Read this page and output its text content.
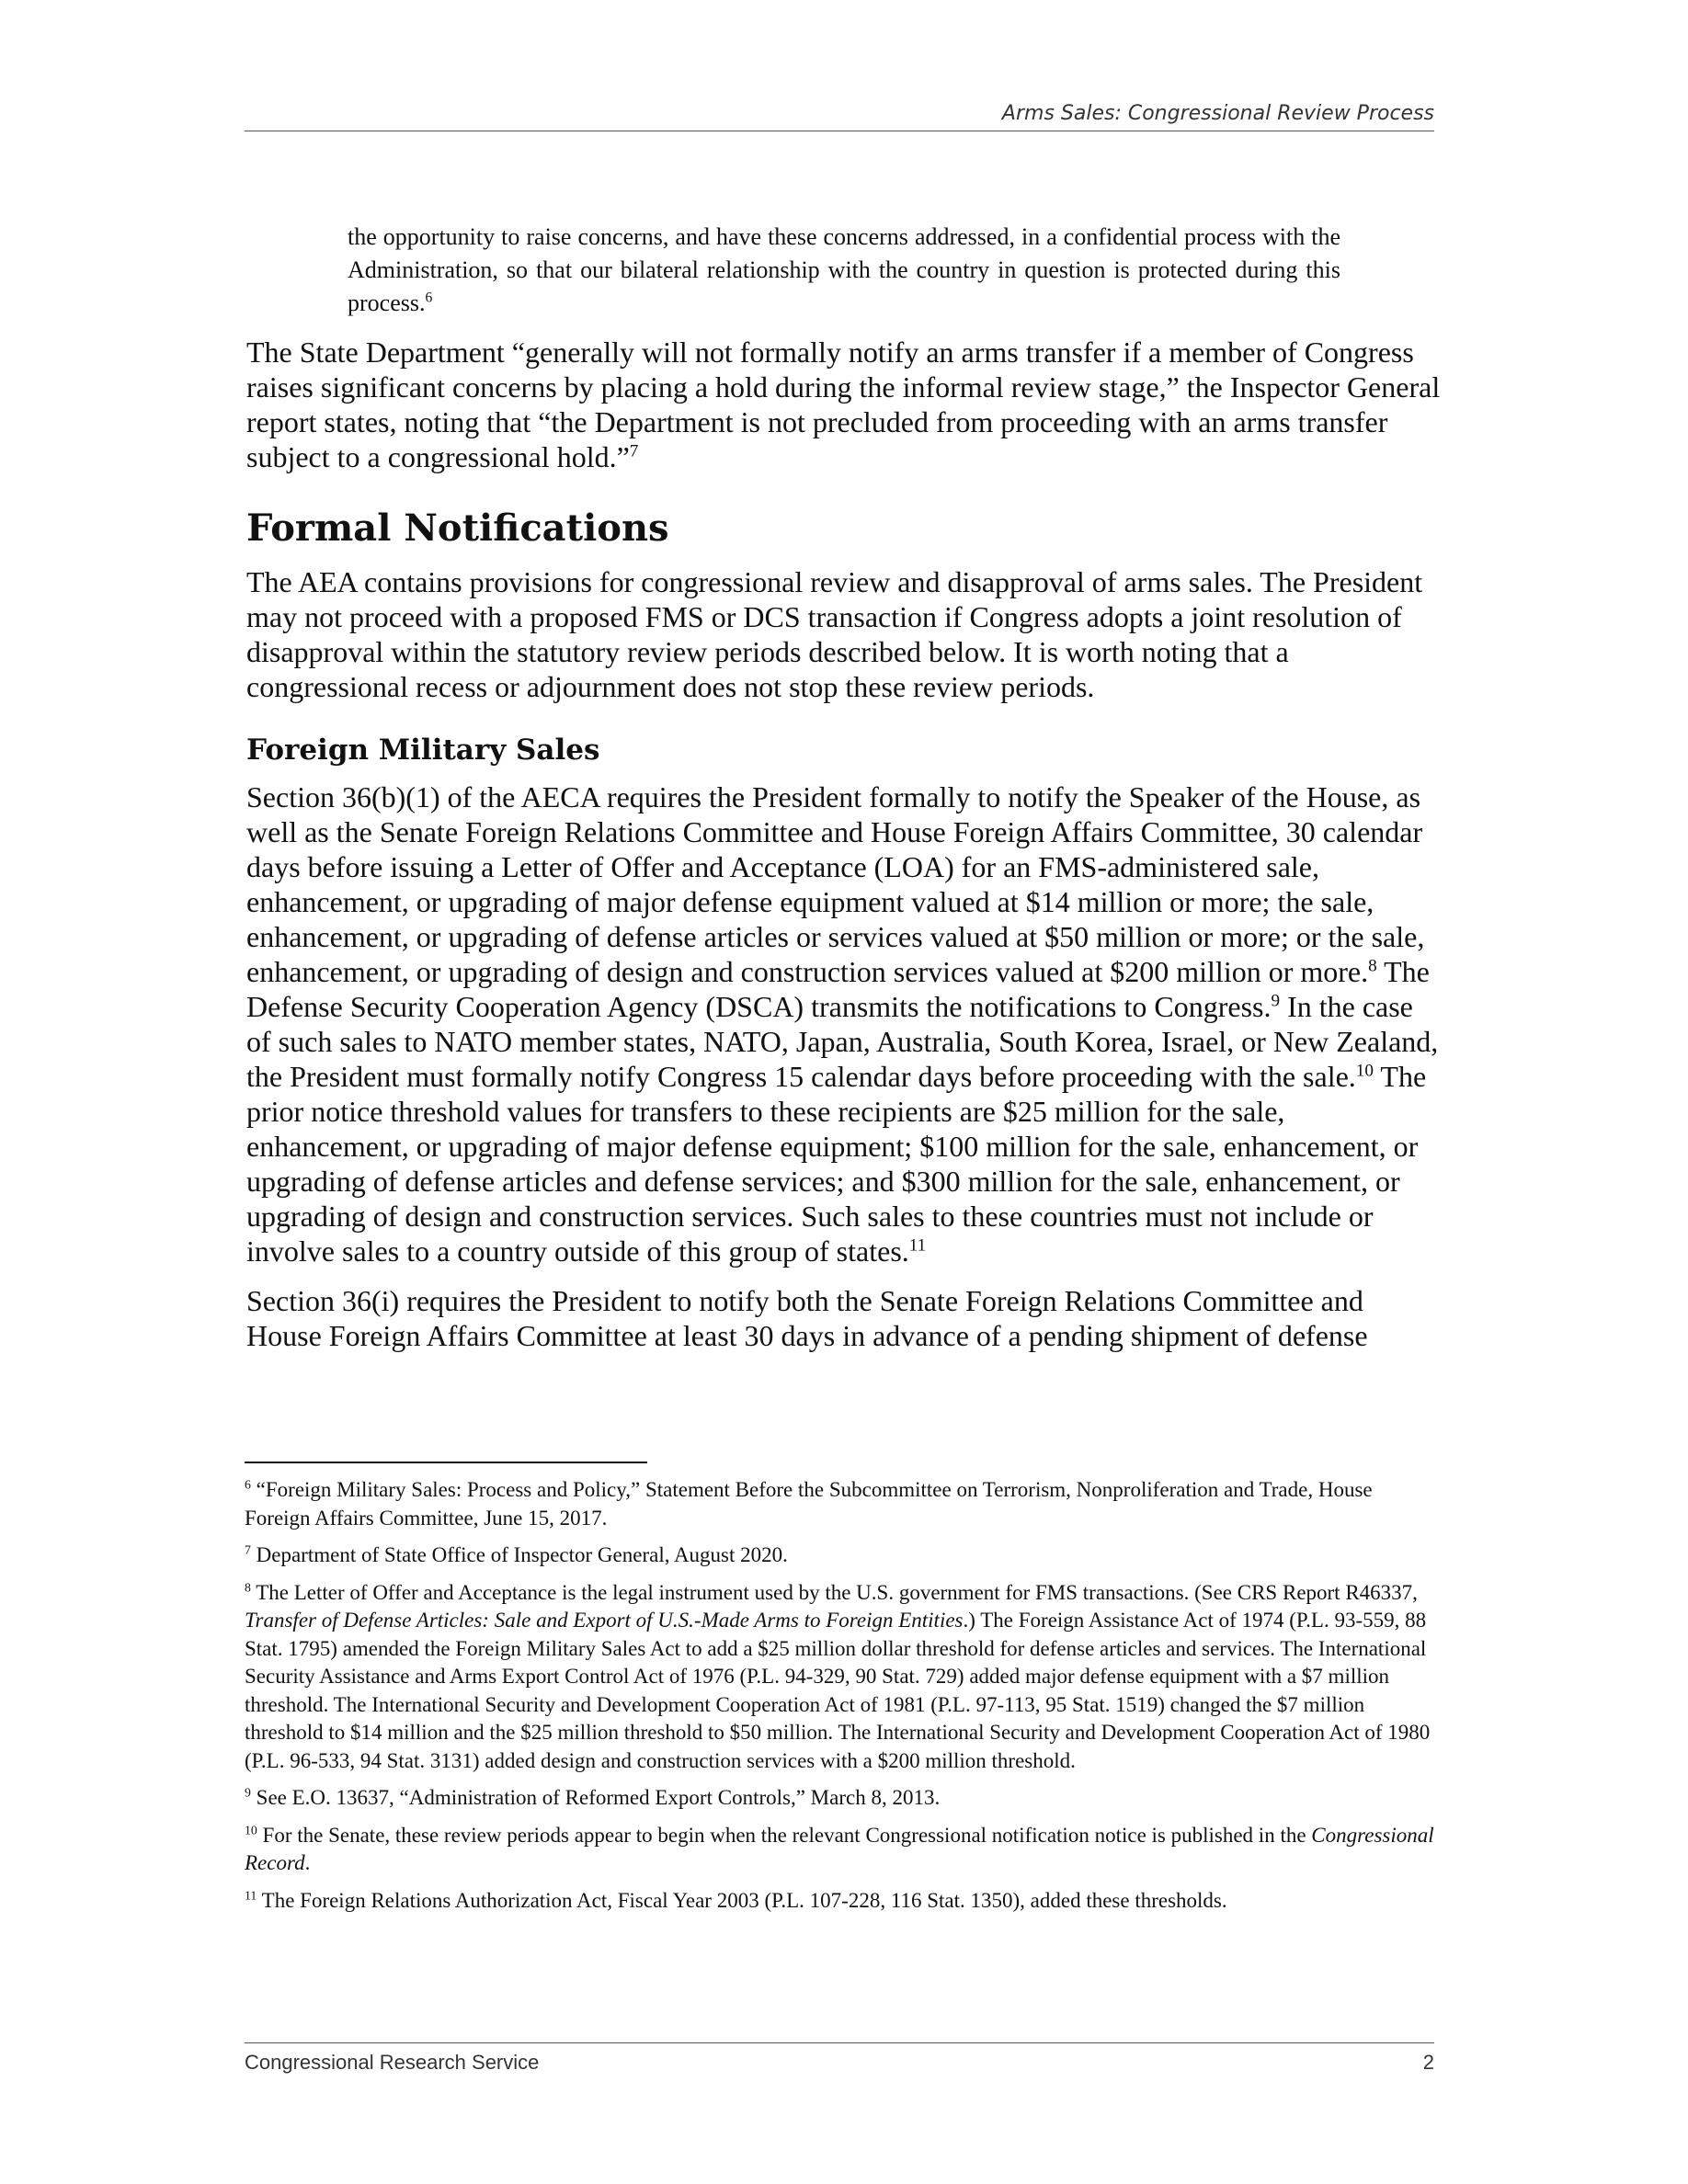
Arms Sales: Congressional Review Process

the opportunity to raise concerns, and have these concerns addressed, in a confidential process with the Administration, so that our bilateral relationship with the country in question is protected during this process.$^6$

The State Department “generally will not formally notify an arms transfer if a member of Congress raises significant concerns by placing a hold during the informal review stage,” the Inspector General report states, noting that “the Department is not precluded from proceeding with an arms transfer subject to a congressional hold.”$^7$

Formal Notifications

The AEA contains provisions for congressional review and disapproval of arms sales. The President may not proceed with a proposed FMS or DCS transaction if Congress adopts a joint resolution of disapproval within the statutory review periods described below. It is worth noting that a congressional recess or adjournment does not stop these review periods.

Foreign Military Sales

Section 36(b)(1) of the AECA requires the President formally to notify the Speaker of the House, as well as the Senate Foreign Relations Committee and House Foreign Affairs Committee, 30 calendar days before issuing a Letter of Offer and Acceptance (LOA) for an FMS-administered sale, enhancement, or upgrading of major defense equipment valued at $14 million or more; the sale, enhancement, or upgrading of defense articles or services valued at $50 million or more; or the sale, enhancement, or upgrading of design and construction services valued at $200 million or more.$^8$ The Defense Security Cooperation Agency (DSCA) transmits the notifications to Congress.$^9$ In the case of such sales to NATO member states, NATO, Japan, Australia, South Korea, Israel, or New Zealand, the President must formally notify Congress 15 calendar days before proceeding with the sale.$^{10}$ The prior notice threshold values for transfers to these recipients are $25 million for the sale, enhancement, or upgrading of major defense equipment; $100 million for the sale, enhancement, or upgrading of defense articles and defense services; and $300 million for the sale, enhancement, or upgrading of design and construction services. Such sales to these countries must not include or involve sales to a country outside of this group of states.$^{11}$

Section 36(i) requires the President to notify both the Senate Foreign Relations Committee and House Foreign Affairs Committee at least 30 days in advance of a pending shipment of defense

$^6$ “Foreign Military Sales: Process and Policy,” Statement Before the Subcommittee on Terrorism, Nonproliferation and Trade, House Foreign Affairs Committee, June 15, 2017.

$^7$ Department of State Office of Inspector General, August 2020.

$^8$ The Letter of Offer and Acceptance is the legal instrument used by the U.S. government for FMS transactions. (See CRS Report R46337, Transfer of Defense Articles: Sale and Export of U.S.-Made Arms to Foreign Entities.) The Foreign Assistance Act of 1974 (P.L. 93-559, 88 Stat. 1795) amended the Foreign Military Sales Act to add a $25 million dollar threshold for defense articles and services. The International Security Assistance and Arms Export Control Act of 1976 (P.L. 94-329, 90 Stat. 729) added major defense equipment with a $7 million threshold. The International Security and Development Cooperation Act of 1981 (P.L. 97-113, 95 Stat. 1519) changed the $7 million threshold to $14 million and the $25 million threshold to $50 million. The International Security and Development Cooperation Act of 1980 (P.L. 96-533, 94 Stat. 3131) added design and construction services with a $200 million threshold.

$^9$ See E.O. 13637, “Administration of Reformed Export Controls,” March 8, 2013.

$^{10}$ For the Senate, these review periods appear to begin when the relevant Congressional notification notice is published in the Congressional Record.

$^{11}$ The Foreign Relations Authorization Act, Fiscal Year 2003 (P.L. 107-228, 116 Stat. 1350), added these thresholds.

Congressional Research Service	2
